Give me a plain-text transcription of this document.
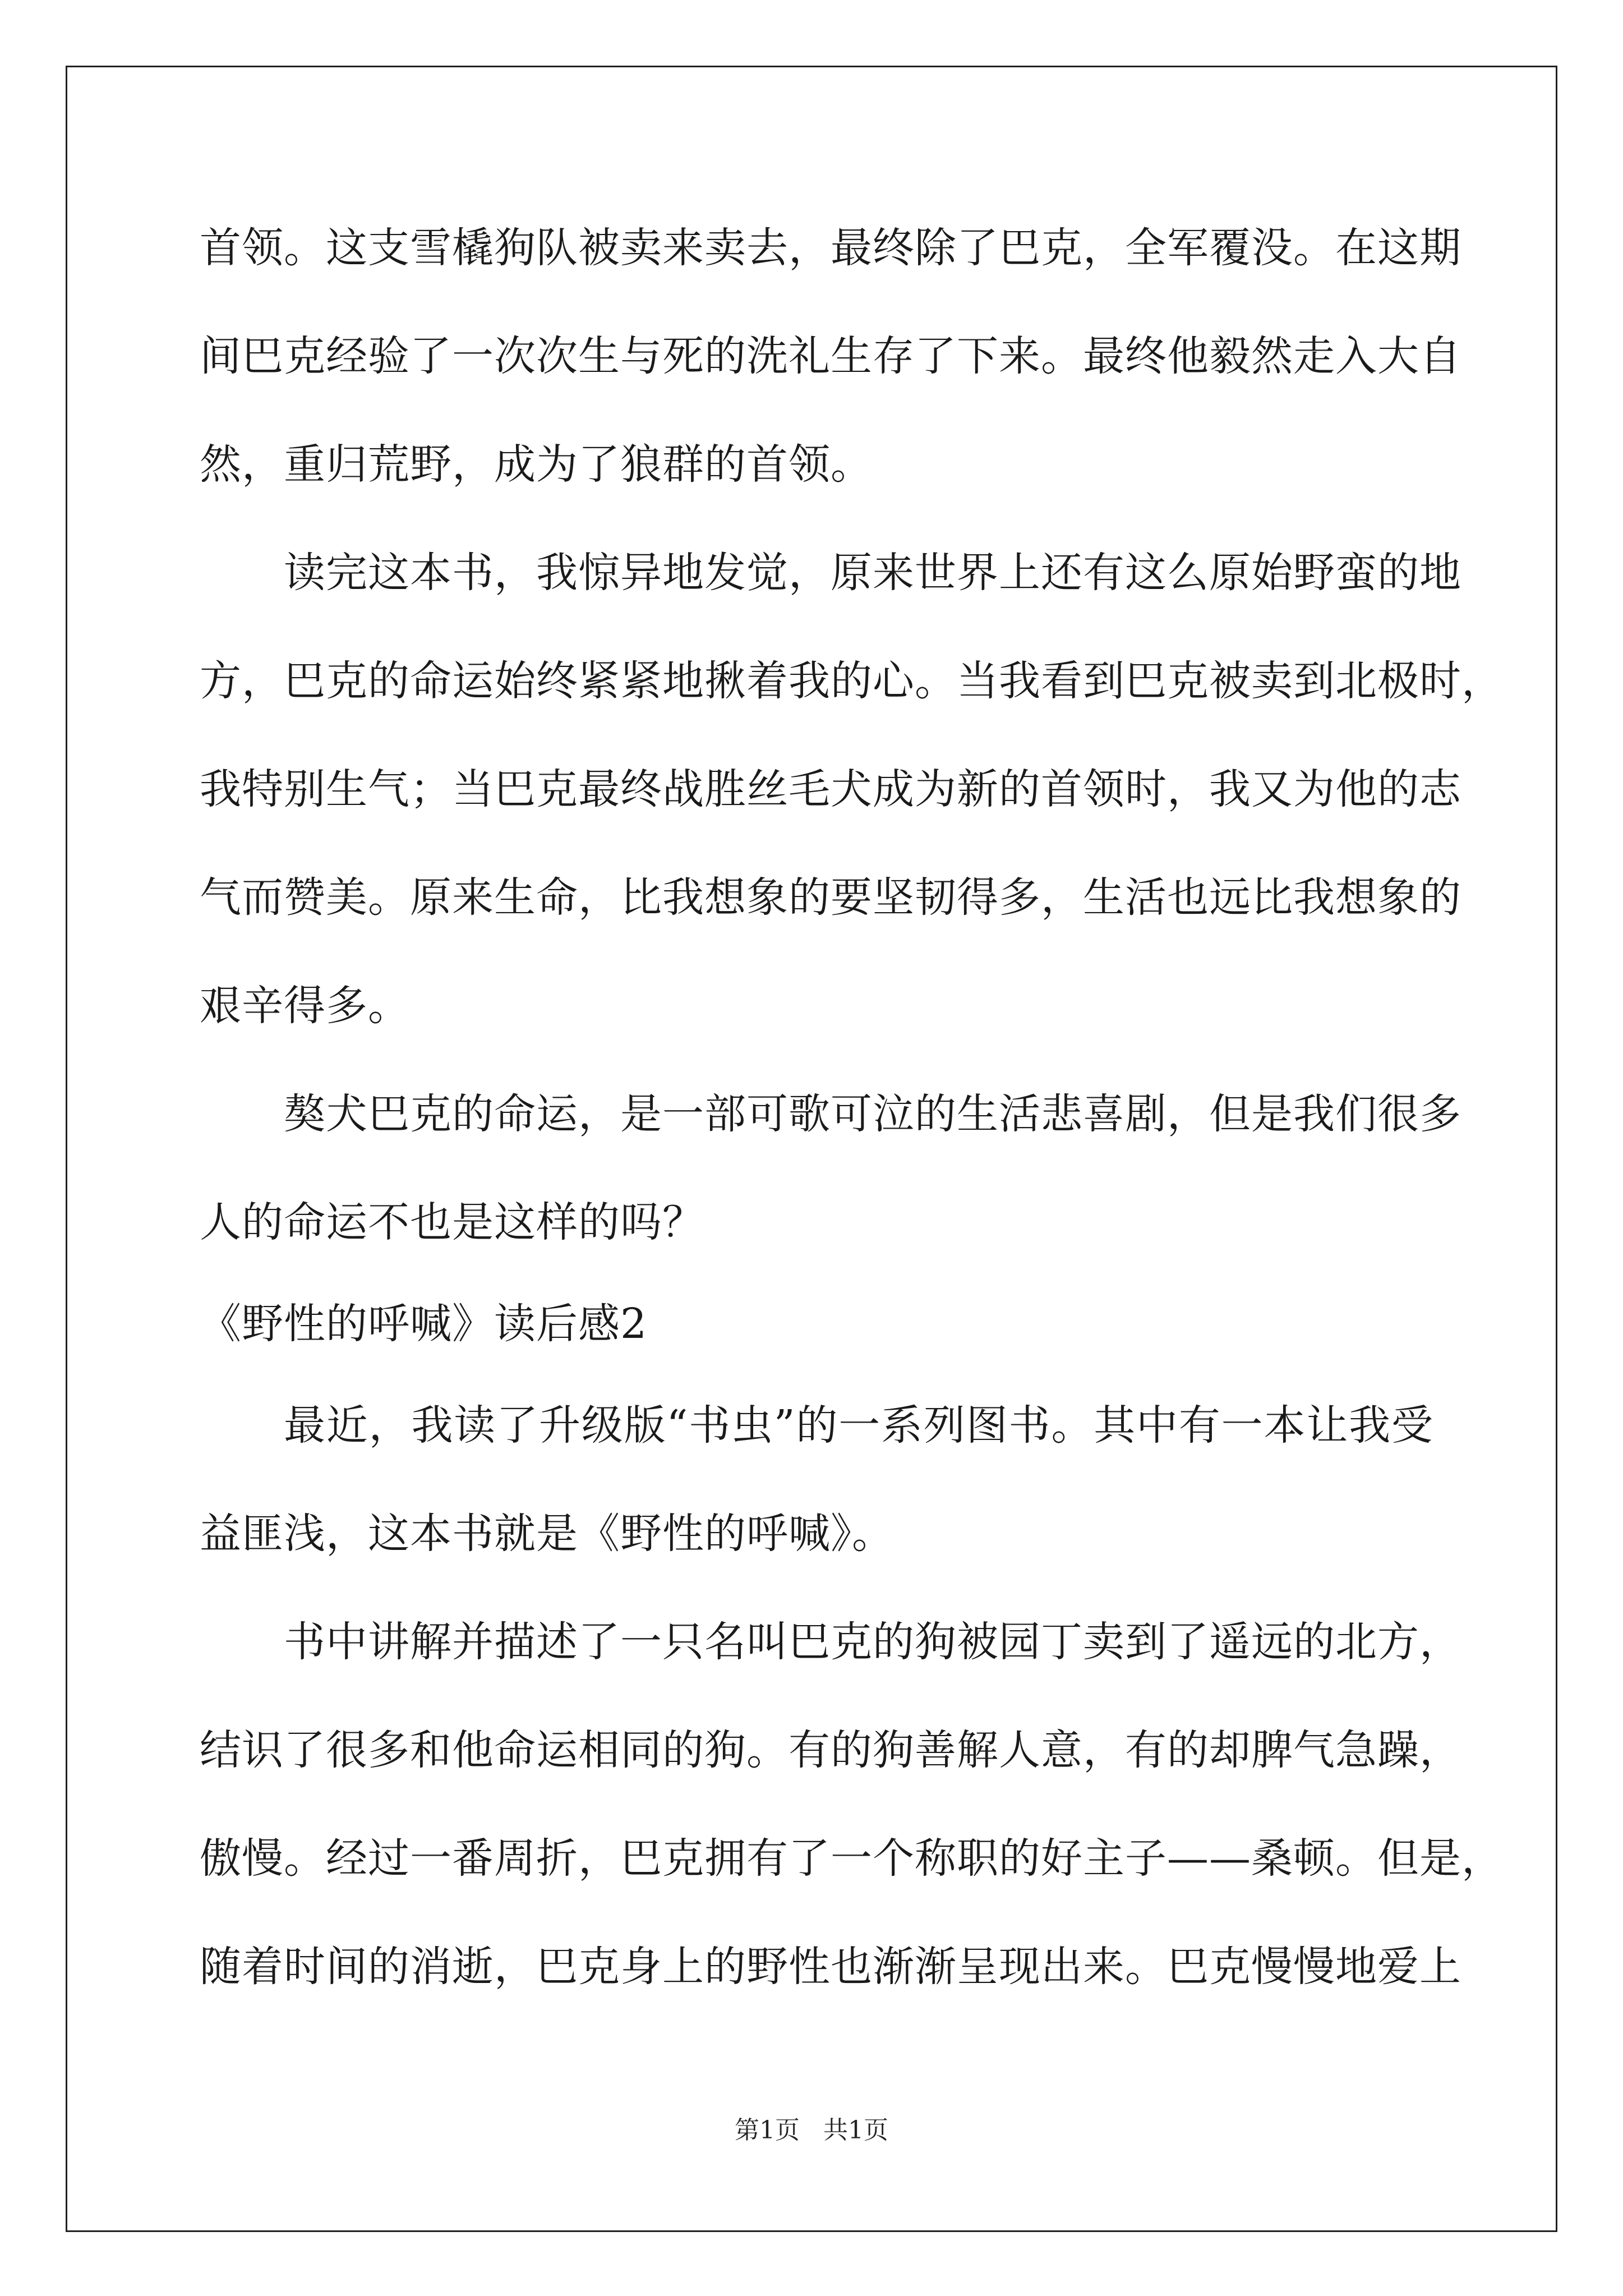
首领。这支雪橇狗队被卖来卖去，最终除了巴克，全军覆没。在这期
间巴克经验了一次次生与死的洗礼生存了下来。最终他毅然走入大自
然，重归荒野，成为了狼群的首领。
读完这本书，我惊异地发觉，原来世界上还有这么原始野蛮的地
方，巴克的命运始终紧紧地揪着我的心。当我看到巴克被卖到北极时，
我特别生气；当巴克最终战胜丝毛犬成为新的首领时，我又为他的志
气而赞美。原来生命，比我想象的要坚韧得多，生活也远比我想象的
艰辛得多。
獒犬巴克的命运，是一部可歌可泣的生活悲喜剧，但是我们很多
人的命运不也是这样的吗？
《野性的呼喊》读后感2
最近，我读了升级版“书虫”的一系列图书。其中有一本让我受
益匪浅，这本书就是《野性的呼喊》。
书中讲解并描述了一只名叫巴克的狗被园丁卖到了遥远的北方，
结识了很多和他命运相同的狗。有的狗善解人意，有的却脾气急躁，
傲慢。经过一番周折，巴克拥有了一个称职的好主子——桑顿。但是，
随着时间的消逝，巴克身上的野性也渐渐呈现出来。巴克慢慢地爱上
第1页 共1页
